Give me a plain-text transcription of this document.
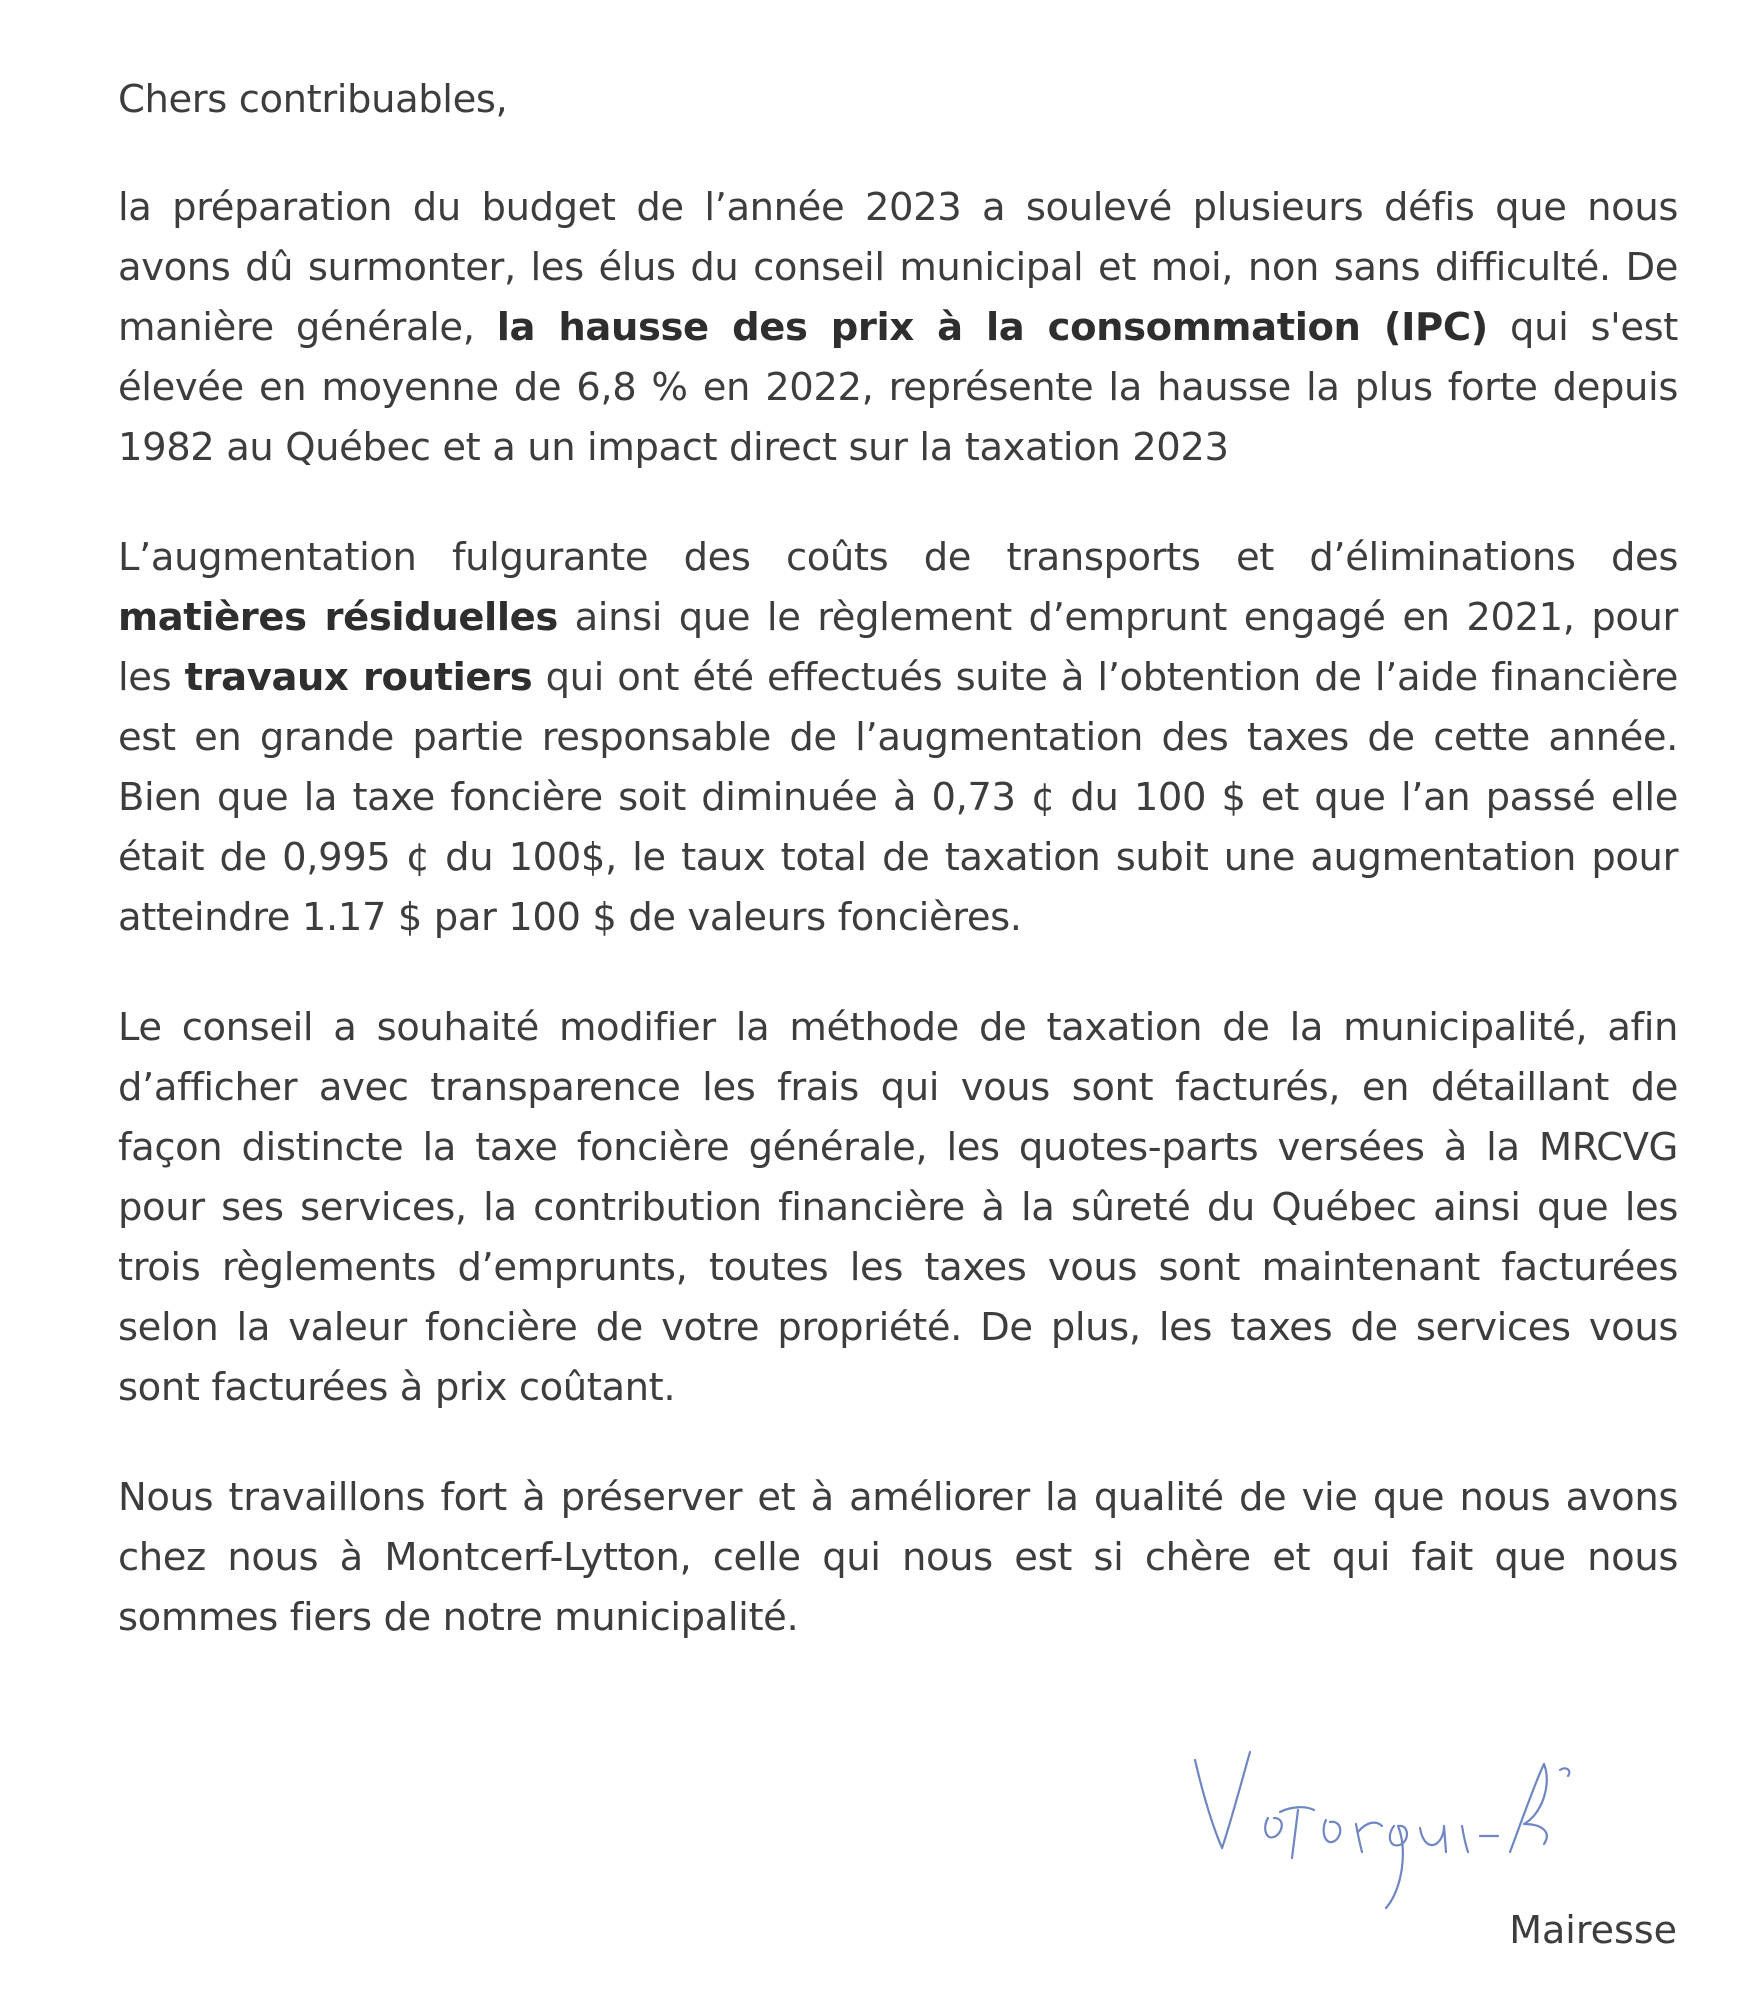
Chers contribuables,

la préparation du budget de l’année 2023 a soulevé plusieurs défis que nous avons dû surmonter, les élus du conseil municipal et moi, non sans difficulté. De manière générale, la hausse des prix à la consommation (IPC) qui s'est élevée en moyenne de 6,8 % en 2022, représente la hausse la plus forte depuis 1982 au Québec et a un impact direct sur la taxation 2023

L’augmentation fulgurante des coûts de transports et d’éliminations des matières résiduelles ainsi que le règlement d’emprunt engagé en 2021, pour les travaux routiers qui ont été effectués suite à l’obtention de l’aide financière est en grande partie responsable de l’augmentation des taxes de cette année. Bien que la taxe foncière soit diminuée à 0,73 ¢ du 100 $ et que l’an passé elle était de 0,995 ¢ du 100$, le taux total de taxation subit une augmentation pour atteindre 1.17 $ par 100 $ de valeurs foncières.

Le conseil a souhaité modifier la méthode de taxation de la municipalité, afin d’afficher avec transparence les frais qui vous sont facturés, en détaillant de façon distincte la taxe foncière générale, les quotes-parts versées à la MRCVG pour ses services, la contribution financière à la sûreté du Québec ainsi que les trois règlements d’emprunts, toutes les taxes vous sont maintenant facturées selon la valeur foncière de votre propriété. De plus, les taxes de services vous sont facturées à prix coûtant.

Nous travaillons fort à préserver et à améliorer la qualité de vie que nous avons chez nous à Montcerf-Lytton, celle qui nous est si chère et qui fait que nous sommes fiers de notre municipalité.

Mairesse
